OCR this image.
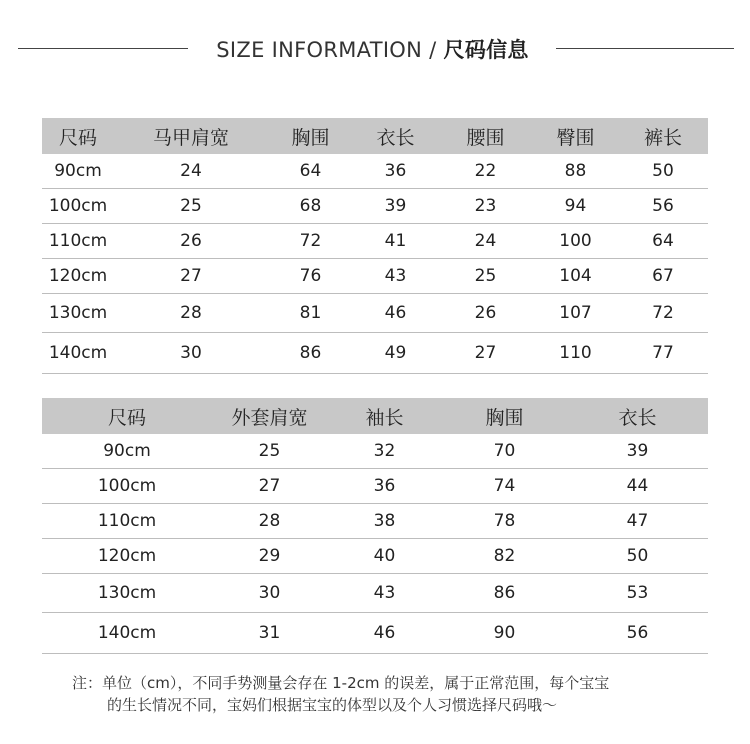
SIZE INFORMATION / 尺码信息
尺码	马甲肩宽	胸围	衣长	腰围	臀围	裤长
90cm	24	64	36	22	88	50
100cm	25	68	39	23	94	56
110cm	26	72	41	24	100	64
120cm	27	76	43	25	104	67
130cm	28	81	46	26	107	72
140cm	30	86	49	27	110	77
尺码	外套肩宽	袖长	胸围	衣长
90cm	25	32	70	39
100cm	27	36	74	44
110cm	28	38	78	47
120cm	29	40	82	50
130cm	30	43	86	53
140cm	31	46	90	56
注：单位（cm），不同手势测量会存在 1-2cm 的误差，属于正常范围，每个宝宝
的生长情况不同，宝妈们根据宝宝的体型以及个人习惯选择尺码哦～
